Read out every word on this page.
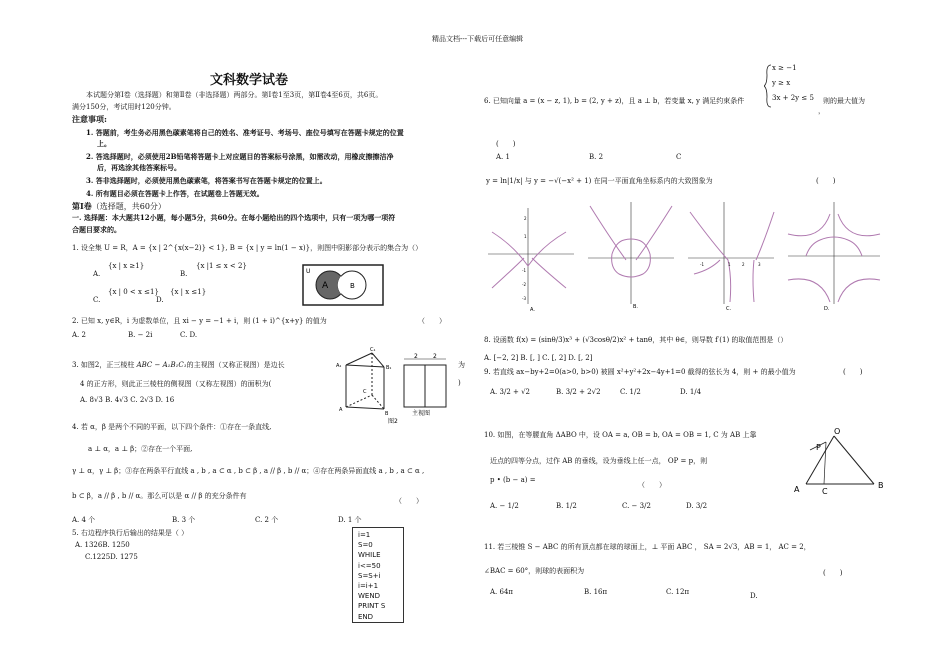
精品文档---下载后可任意编辑
文科数学试卷
本试题分第Ⅰ卷（选择题）和第Ⅱ卷（非选择题）两部分。第Ⅰ卷1至3页，第Ⅱ卷4至6页，共6页。
满分150分，考试用时120分钟。
注意事项:
1. 答题前，考生务必用黑色碳素笔将自己的姓名、准考证号、考场号、座位号填写在答题卡规定的位置
上。
2. 答选择题时，必须使用2B铅笔将答题卡上对应题目的答案标号涂黑，如需改动，用橡皮擦擦洁净
后，再选涂其他答案标号。
3. 答非选择题时，必须使用黑色碳素笔，将答案书写在答题卡规定的位置上。
4. 所有题目必须在答题卡上作答，在试题卷上答题无效。
第Ⅰ卷（选择题，共60分）
一. 选择题：本大题共12小题，每小题5分，共60分。在每小题给出的四个选项中，只有一项为哪一项符
合题目要求的。
1. 设全集 U = R，A = {x | 2^{x(x−2)} < 1}, B = {x | y = ln(1 − x)}，则图中阴影部分表示的集合为（）
A.
{x | x ≥1}
B.
{x |1 ≤ x < 2}
C.
{x | 0 < x ≤1}
D.
{x | x ≤1}
U
A	B
2. 已知 x, y∈R，i 为虚数单位，且 xi − y = −1 + i，则 (1 + i)^{x+y} 的值为	（　　）
A. 2	B. − 2i	C. D.
3. 如图2，正三棱柱 ABC − A₁B₁C₁的主视图（又称正视图）是边长	为
4 的正方形，则此正三棱柱的侧视图（又称左视图）的面积为(	)
A. 8√3 B. 4√3 C. 2√3 D. 16
C₁
A₁	B₁
C
A
B
图2
2	2
主视图
4. 若 α，β 是两个不同的平面，以下四个条件：①存在一条直线,
a ⊥ α，a ⊥ β；②存在一个平面,
γ ⊥ α，γ ⊥ β；③存在两条平行直线 a , b , a ⊂ α , b ⊂ β , a // β , b // α；④存在两条异面直线 a , b , a ⊂ α ,
b ⊂ β，a // β , b // α。那么可以是 α // β 的充分条件有
（　　）
A. 4 个	B. 3 个	C. 2 个	D. 1 个
5. 右边程序执行后输出的结果是（ ）
A. 1326B. 1250
C.1225D. 1275
i=1
S=0
WHILE
i<=50
S=S+i
i=i+1
WEND
PRINT S
END
6. 已知向量 a = (x − z, 1), b = (2, y + z)，且 a ⊥ b，若变量 x, y 满足约束条件
x ≥ −1
y ≥ x
3x + 2y ≤ 5 则的最大值为
，
(　　)
A. 1	B. 2	C
y = ln|1/x| 与 y = −√(−x² + 1) 在同一平面直角坐标系内的大致图象为	(　　)
2
1
-1
-2
-3
A.	B.
-1	1	2	3
C.	D.
8. 设函数 f(x) = (sinθ/3)x³ + (√3cosθ/2)x² + tanθ，其中 θ∈，则导数 f′(1) 的取值范围是（）
A. [−2, 2] B. [, ] C. [, 2] D. [, 2]
9. 若直线 ax−by+2=0(a>0, b>0) 被圆 x²+y²+2x−4y+1=0 截得的弦长为 4，则 + 的最小值为	(　　)
A. 3/2 + √2	B. 3/2 + 2√2	C. 1/2	D. 1/4
10. 如图，在等腰直角 ΔABO 中，设 OA = a, OB = b, OA = OB = 1, C 为 AB 上靠
近点的四等分点，过作 AB 的垂线，设为垂线上任一点， OP = p，则
p • (b − a) =
（　　）
A. − 1/2	B. 1/2	C. − 3/2	D. 3/2
O
P
A	C
B
11. 若三棱锥 S − ABC 的所有顶点都在球的球面上，⊥ 平面 ABC ， SA = 2√3，AB = 1， AC = 2，
∠BAC = 60°，则球的表面积为	(　　)
A. 64π	B. 16π	C. 12π	D.
